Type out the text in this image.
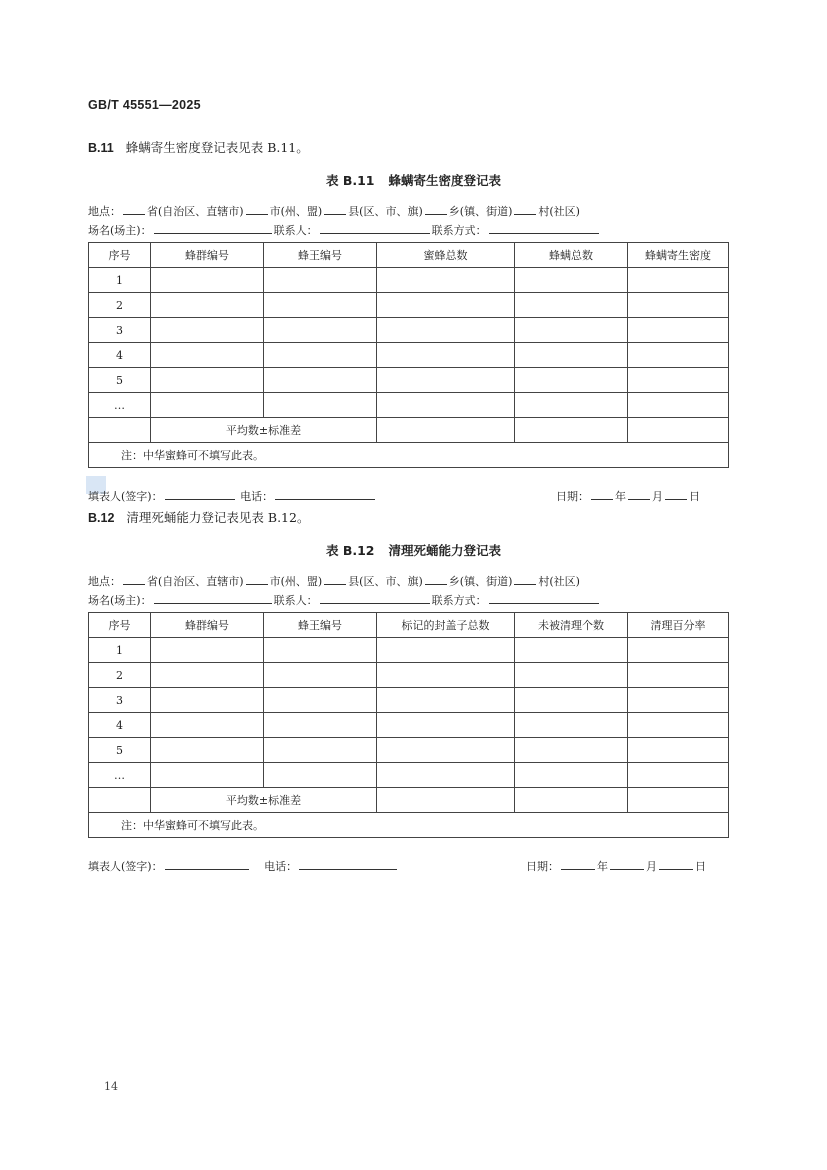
GB/T 45551—2025
B.11 蜂螨寄生密度登记表见表 B.11。
表 B.11 蜂螨寄生密度登记表
地点： 省(自治区、直辖市) 市(州、盟) 县(区、市、旗) 乡(镇、街道) 村(社区)
场名(场主)：	联系人：	联系方式：
序号	蜂群编号	蜂王编号	蜜蜂总数	蜂螨总数	蜂螨寄生密度
1					
2					
3					
4					
5					
…					
	平均数±标准差				
注：中华蜜蜂可不填写此表。					
填表人(签字)：	电话：	日期： 年 月 日
B.12 清理死蛹能力登记表见表 B.12。
表 B.12 清理死蛹能力登记表
地点： 省(自治区、直辖市) 市(州、盟) 县(区、市、旗) 乡(镇、街道) 村(社区)
场名(场主)：	联系人：	联系方式：
序号	蜂群编号	蜂王编号	标记的封盖子总数	未被清理个数	清理百分率
1					
2					
3					
4					
5					
…					
	平均数±标准差				
注：中华蜜蜂可不填写此表。					
填表人(签字)：	电话：	日期：	年	月	日
14
